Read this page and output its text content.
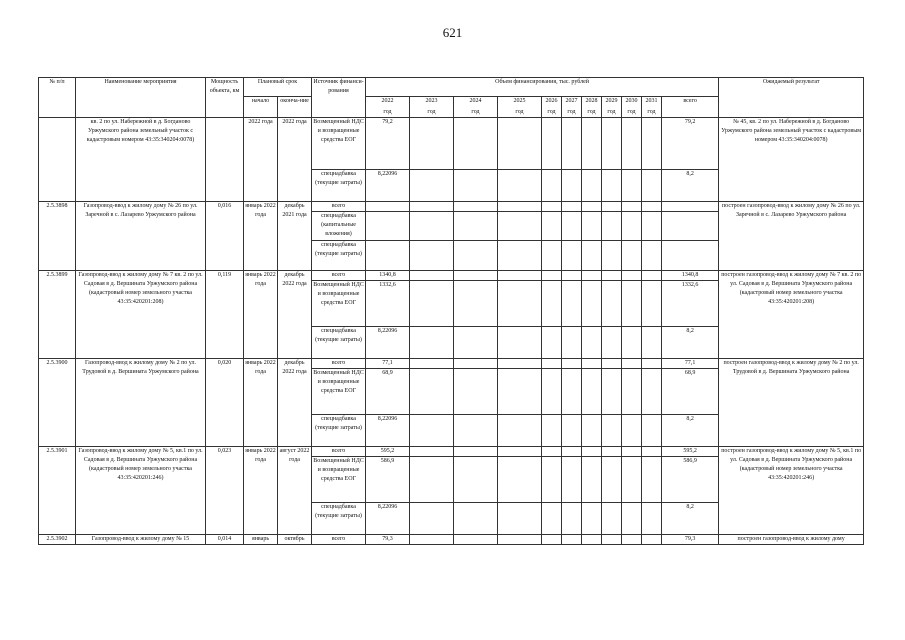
621
№ п/п	Наименование мероприятия	Мощность объекта, км	Плановый срок		Источник финанси-рования	Объем финансирования, тыс. рублей											Ожидаемый результат
			начало	оконча-ние		2022	2023	2024	2025	2026	2027	2028	2029	2030	2031	всего	
						год	год	год	год	год	год	год	год	год	год		
	кв. 2 по ул. Набережной в д. Богданово Уржумского района земельный участок с кадастровым номером 43:35:340204:0078)		2022 года	2022 года	Возмещенный НДС и возвращенные средства ЕОГ	79,2										79,2	№ 45, кв. 2 по ул. Набережной в д. Богданово Уржумского района земельный участок с кадастровым номером 43:35:340204:0078)
					спецнадбавка (текущие затраты)	8,22096										8,2	
2.5.3898	Газопровод-ввод к жилому дому № 26 по ул. Заречной в с. Лазарево Уржумского района	0,016	январь 2022 года	декабрь 2021 года	всего												построен газопровод-ввод к жилому дому № 26 по ул. Заречной в с. Лазарево Уржумского района
					спецнадбавка (капитальные вложения)												
					спецнадбавка (текущие затраты)												
2.5.3899	Газопровод-ввод к жилому дому № 7 кв. 2 по ул. Садовая в д. Вершината Уржумского района (кадастровый номер земельного участка 43:35:420201:208)	0,119	январь 2022 года	декабрь 2022 года	всего	1340,8										1340,8	построен газопровод-ввод к жилому дому № 7 кв. 2 по ул. Садовая в д. Вершината Уржумского района (кадастровый номер земельного участка 43:35:420201:208)
					Возмещенный НДС и возвращенные средства ЕОГ	1332,6										1332,6	
					спецнадбавка (текущие затраты)	8,22096										8,2	
2.5.3900	Газопровод-ввод к жилому дому № 2 по ул. Трудовой в д. Вершината Уржумского района	0,020	январь 2022 года	декабрь 2022 года	всего	77,1										77,1	построен газопровод-ввод к жилому дому № 2 по ул. Трудовой в д. Вершината Уржумского района
					Возмещенный НДС и возвращенные средства ЕОГ	68,9										68,9	
					спецнадбавка (текущие затраты)	8,22096										8,2	
2.5.3901	Газопровод-ввод к жилому дому № 5, кв.1 по ул. Садовая в д. Вершината Уржумского района (кадастровый номер земельного участка 43:35:420201:246)	0,023	январь 2022 года	август 2022 года	всего	595,2										595,2	построен газопровод-ввод к жилому дому № 5, кв.1 по ул. Садовая в д. Вершината Уржумского района (кадастровый номер земельного участка 43:35:420201:246)
					Возмещенный НДС и возвращенные средства ЕОГ	586,9										586,9	
					спецнадбавка (текущие затраты)	8,22096										8,2	
2.5.3902	Газопровод-ввод к жилому дому № 15	0,014	январь	октябрь	всего	79,3										79,3	построен газопровод-ввод к жилому дому
